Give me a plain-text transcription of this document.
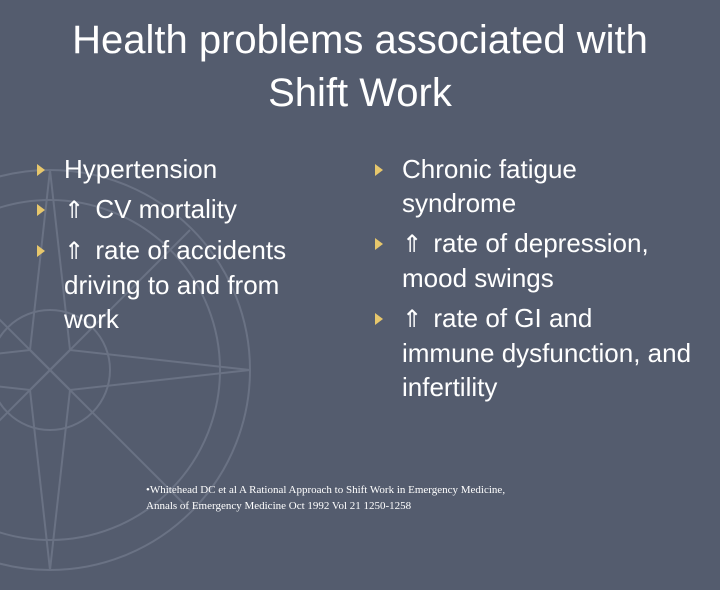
Health problems associated with
Shift Work
Hypertension
⇑ CV mortality
⇑ rate of accidents driving to and from work
Chronic fatigue syndrome
⇑ rate of depression, mood swings
⇑ rate of GI and immune dysfunction, and infertility
•Whitehead DC et al A Rational Approach to Shift Work in Emergency Medicine,
Annals of Emergency Medicine Oct 1992 Vol 21 1250-1258
